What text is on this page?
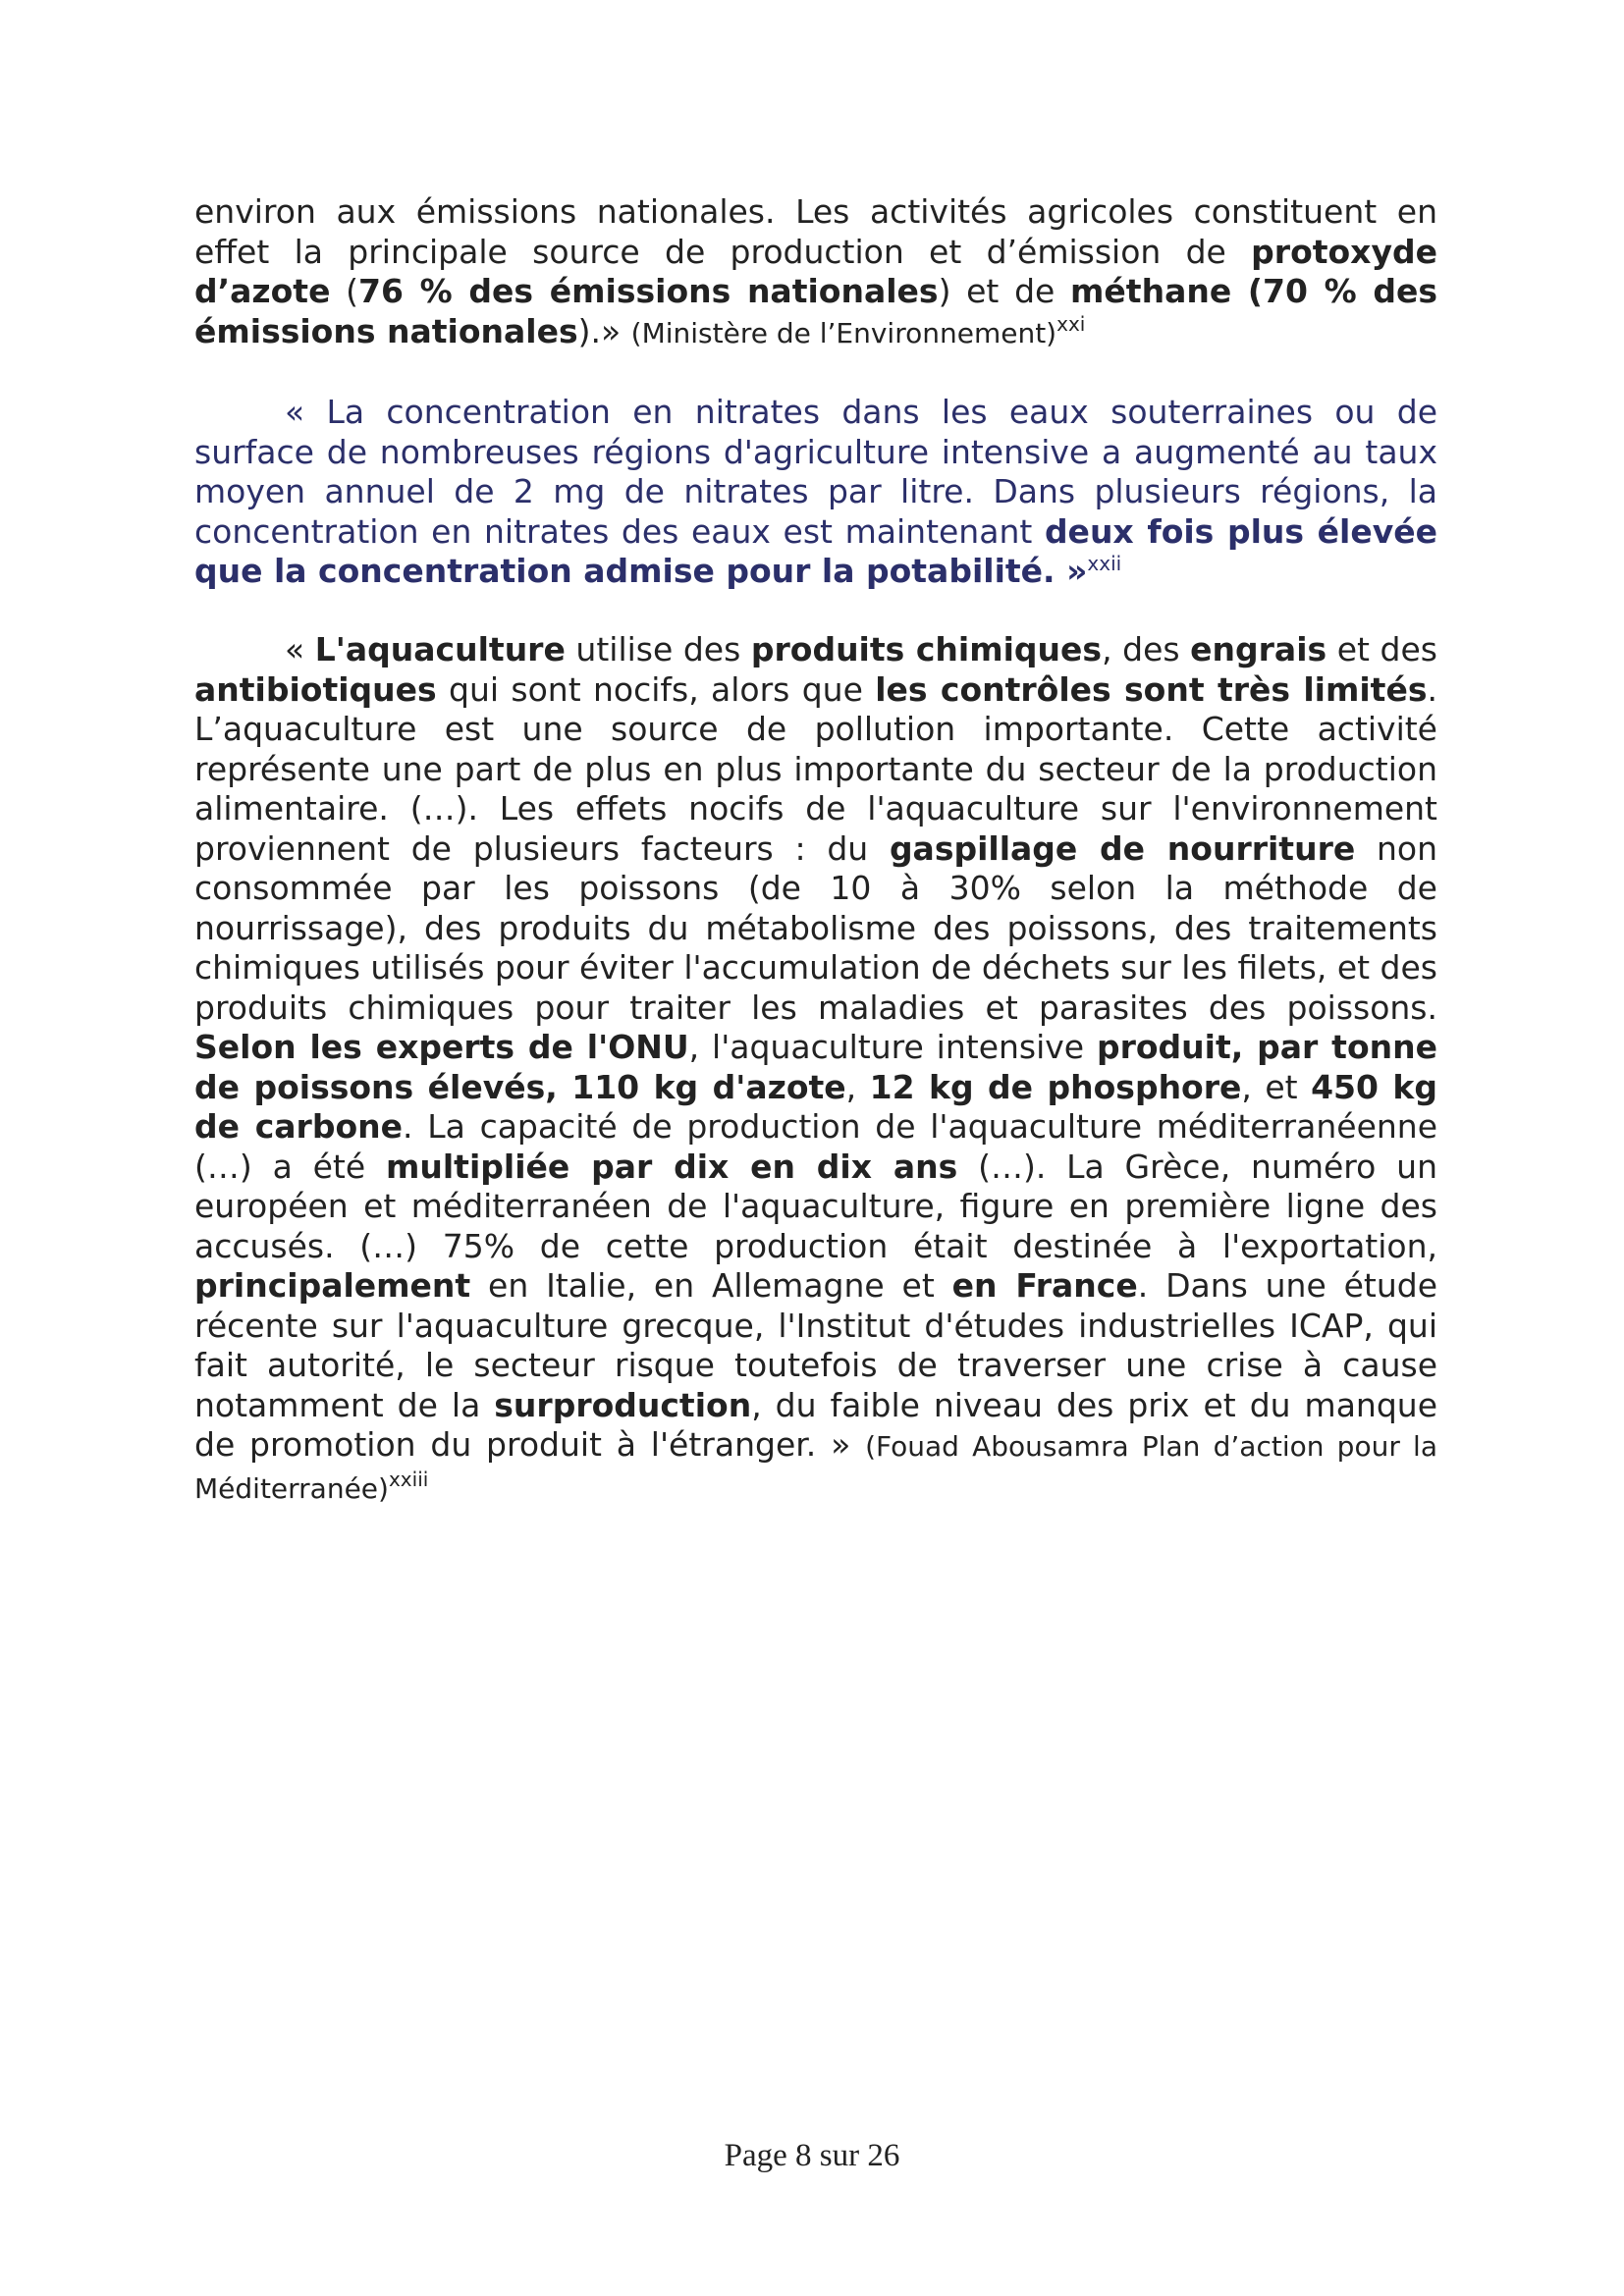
environ aux émissions nationales. Les activités agricoles constituent en effet la principale source de production et d’émission de protoxyde d’azote (76 % des émissions nationales) et de méthane (70 % des émissions nationales).» (Ministère de l’Environnement)$^{xxi}$

« La concentration en nitrates dans les eaux souterraines ou de surface de nombreuses régions d'agriculture intensive a augmenté au taux moyen annuel de 2 mg de nitrates par litre. Dans plusieurs régions, la concentration en nitrates des eaux est maintenant deux fois plus élevée que la concentration admise pour la potabilité. »$^{xxii}$

« L'aquaculture utilise des produits chimiques, des engrais et des antibiotiques qui sont nocifs, alors que les contrôles sont très limités. L’aquaculture est une source de pollution importante. Cette activité représente une part de plus en plus importante du secteur de la production alimentaire. (…). Les effets nocifs de l'aquaculture sur l'environnement proviennent de plusieurs facteurs : du gaspillage de nourriture non consommée par les poissons (de 10 à 30% selon la méthode de nourrissage), des produits du métabolisme des poissons, des traitements chimiques utilisés pour éviter l'accumulation de déchets sur les filets, et des produits chimiques pour traiter les maladies et parasites des poissons. Selon les experts de l'ONU, l'aquaculture intensive produit, par tonne de poissons élevés, 110 kg d'azote, 12 kg de phosphore, et 450 kg de carbone. La capacité de production de l'aquaculture méditerranéenne (…) a été multipliée par dix en dix ans (…). La Grèce, numéro un européen et méditerranéen de l'aquaculture, figure en première ligne des accusés. (…) 75% de cette production était destinée à l'exportation, principalement en Italie, en Allemagne et en France. Dans une étude récente sur l'aquaculture grecque, l'Institut d'études industrielles ICAP, qui fait autorité, le secteur risque toutefois de traverser une crise à cause notamment de la surproduction, du faible niveau des prix et du manque de promotion du produit à l'étranger. » (Fouad Abousamra Plan d’action pour la Méditerranée)$^{xxiii}$

Page 8 sur 26
